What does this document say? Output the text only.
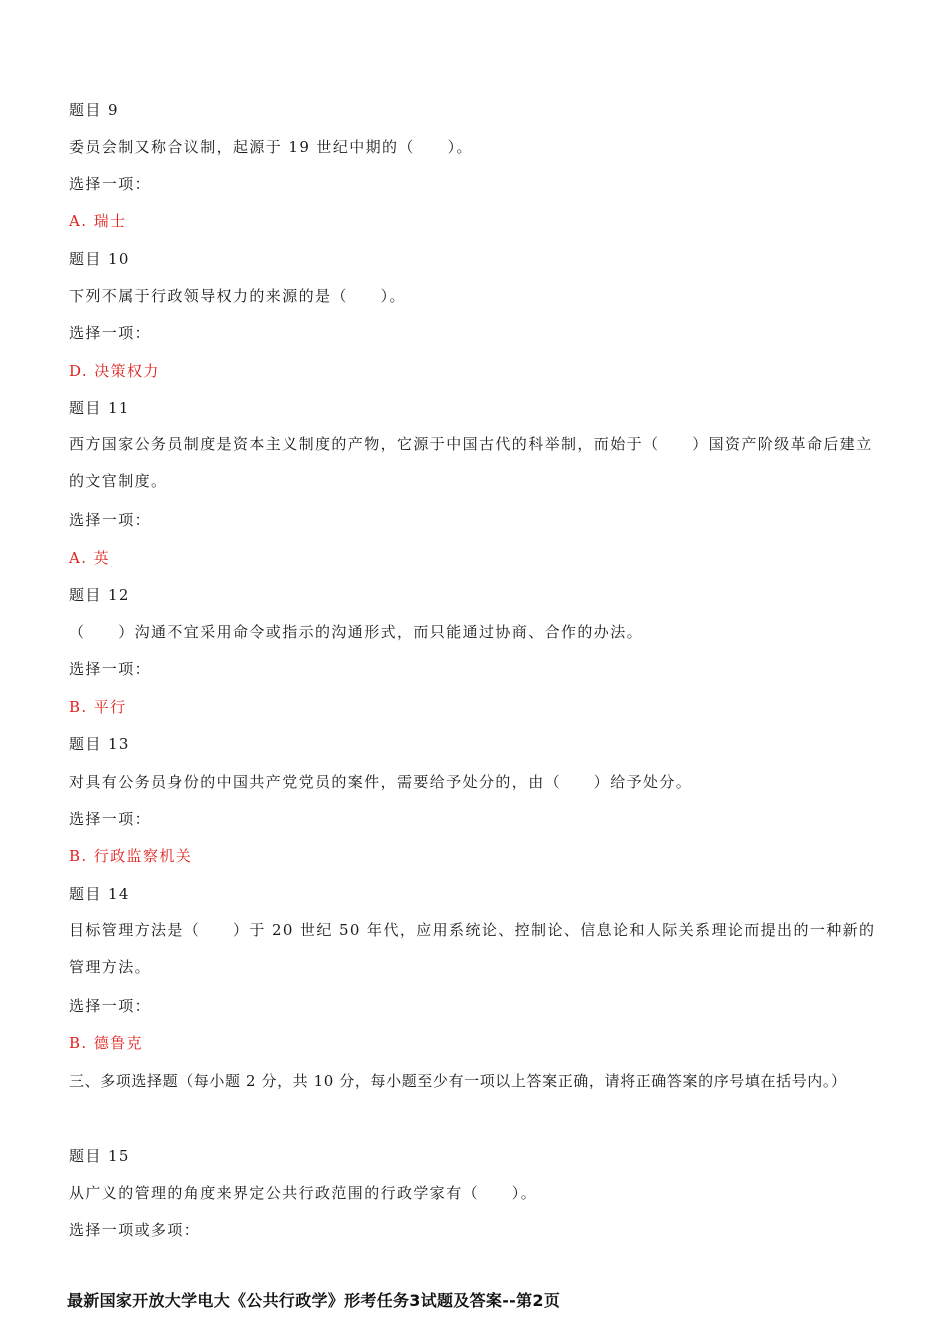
题目 9
委员会制又称合议制，起源于 19 世纪中期的（　　）。
选择一项：
A. 瑞士
题目 10
下列不属于行政领导权力的来源的是（　　）。
选择一项：
D. 决策权力
题目 11
西方国家公务员制度是资本主义制度的产物，它源于中国古代的科举制，而始于（　　）国资产阶级革命后建立的文官制度。
选择一项：
A. 英
题目 12
（　　）沟通不宜采用命令或指示的沟通形式，而只能通过协商、合作的办法。
选择一项：
B. 平行
题目 13
对具有公务员身份的中国共产党党员的案件，需要给予处分的，由（　　）给予处分。
选择一项：
B. 行政监察机关
题目 14
目标管理方法是（　　）于 20 世纪 50 年代，应用系统论、控制论、信息论和人际关系理论而提出的一种新的管理方法。
选择一项：
B. 德鲁克
三、多项选择题（每小题 2 分，共 10 分，每小题至少有一项以上答案正确，请将正确答案的序号填在括号内。）
题目 15
从广义的管理的角度来界定公共行政范围的行政学家有（　　）。
选择一项或多项：
最新国家开放大学电大《公共行政学》形考任务3试题及答案--第2页
